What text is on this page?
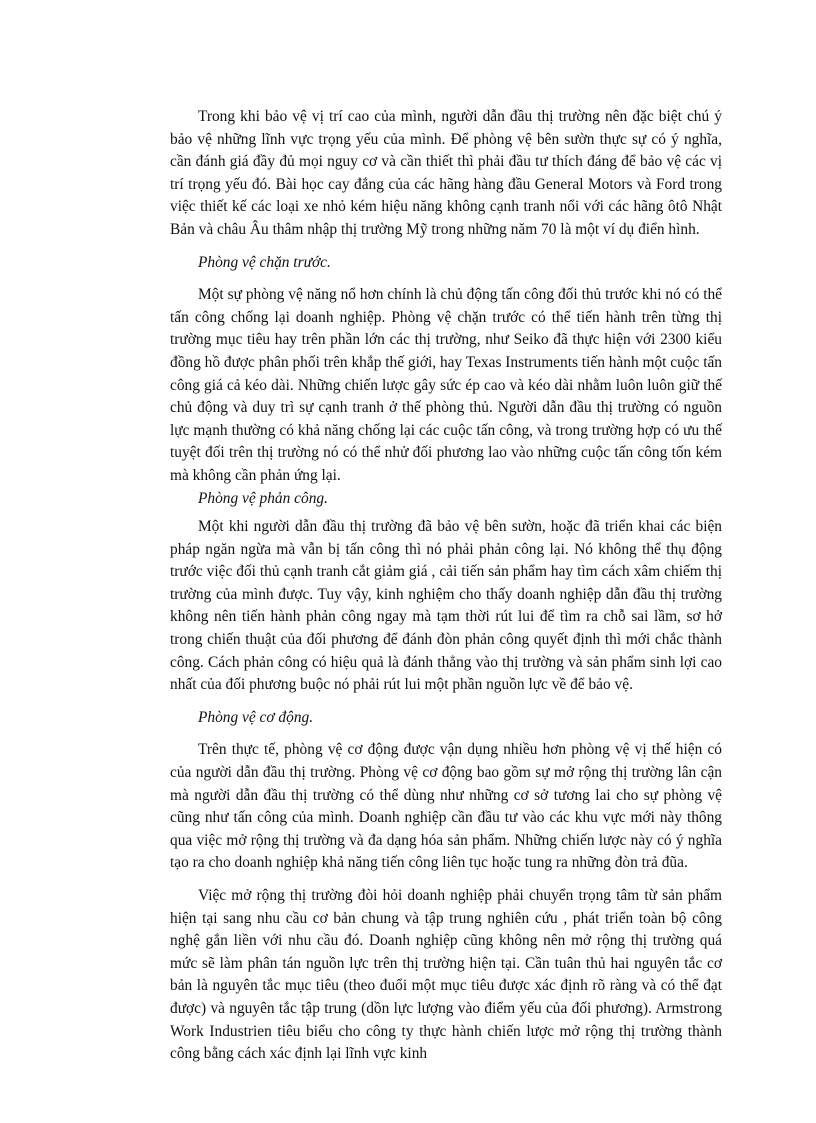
Trong khi bảo vệ vị trí cao của mình, người dẫn đầu thị trường nên đặc biệt chú ý bảo vệ những lĩnh vực trọng yếu của mình. Để phòng vệ bên sườn thực sự có ý nghĩa, cần đánh giá đầy đủ mọi nguy cơ và cần thiết thì phải đầu tư thích đáng để bảo vệ các vị trí trọng yếu đó. Bài học cay đắng của các hãng hàng đầu General Motors và Ford trong việc thiết kế các loại xe nhỏ kém hiệu năng không cạnh tranh nổi với các hãng ôtô Nhật Bản và châu Âu thâm nhập thị trường Mỹ trong những năm 70 là một ví dụ điển hình.

Phòng vệ chặn trước.

Một sự phòng vệ năng nổ hơn chính là chủ động tấn công đối thủ trước khi nó có thể tấn công chống lại doanh nghiệp. Phòng vệ chặn trước có thể tiến hành trên từng thị trường mục tiêu hay trên phần lớn các thị trường, như Seiko đã thực hiện với 2300 kiểu đồng hồ được phân phối trên khắp thế giới, hay Texas Instruments tiến hành một cuộc tấn công giá cả kéo dài. Những chiến lược gây sức ép cao và kéo dài nhằm luôn luôn giữ thế chủ động và duy trì sự cạnh tranh ở thế phòng thủ. Người dẫn đầu thị trường có nguồn lực mạnh thường có khả năng chống lại các cuộc tấn công, và trong trường hợp có ưu thế tuyệt đối trên thị trường nó có thể nhử đối phương lao vào những cuộc tấn công tốn kém mà không cần phản ứng lại.

Phòng vệ phản công.

Một khi người dẫn đầu thị trường đã bảo vệ bên sườn, hoặc đã triển khai các biện pháp ngăn ngừa mà vẫn bị tấn công thì nó phải phản công lại. Nó không thể thụ động trước việc đối thủ cạnh tranh cắt giảm giá , cải tiến sản phẩm hay tìm cách xâm chiếm thị trường của mình được. Tuy vậy, kinh nghiệm cho thấy doanh nghiệp dẫn đầu thị trường không nên tiến hành phản công ngay mà tạm thời rút lui để tìm ra chỗ sai lầm, sơ hở trong chiến thuật của đối phương để đánh đòn phản công quyết định thì mới chắc thành công. Cách phản công có hiệu quả là đánh thẳng vào thị trường và sản phẩm sinh lợi cao nhất của đối phương buộc nó phải rút lui một phần nguồn lực về để bảo vệ.

Phòng vệ cơ động.

Trên thực tế, phòng vệ cơ động được vận dụng nhiều hơn phòng vệ vị thế hiện có của người dẫn đầu thị trường. Phòng vệ cơ động bao gồm sự mở rộng thị trường lân cận mà người dẫn đầu thị trường có thể dùng như những cơ sở tương lai cho sự phòng vệ cũng như tấn công của mình. Doanh nghiệp cần đầu tư vào các khu vực mới này thông qua việc mở rộng thị trường và đa dạng hóa sản phẩm. Những chiến lược này có ý nghĩa tạo ra cho doanh nghiệp khả năng tiến công liên tục hoặc tung ra những đòn trả đũa.

Việc mở rộng thị trường đòi hỏi doanh nghiệp phải chuyển trọng tâm từ sản phẩm hiện tại sang nhu cầu cơ bản chung và tập trung nghiên cứu , phát triển toàn bộ công nghệ gắn liền với nhu cầu đó. Doanh nghiệp cũng không nên mở rộng thị trường quá mức sẽ làm phân tán nguồn lực trên thị trường hiện tại. Cần tuân thủ hai nguyên tắc cơ bản là nguyên tắc mục tiêu (theo đuổi một mục tiêu được xác định rõ ràng và có thể đạt được) và nguyên tắc tập trung (dồn lực lượng vào điểm yếu của đối phương). Armstrong Work Industrien tiêu biểu cho công ty thực hành chiến lược mở rộng thị trường thành công bằng cách xác định lại lĩnh vực kinh
